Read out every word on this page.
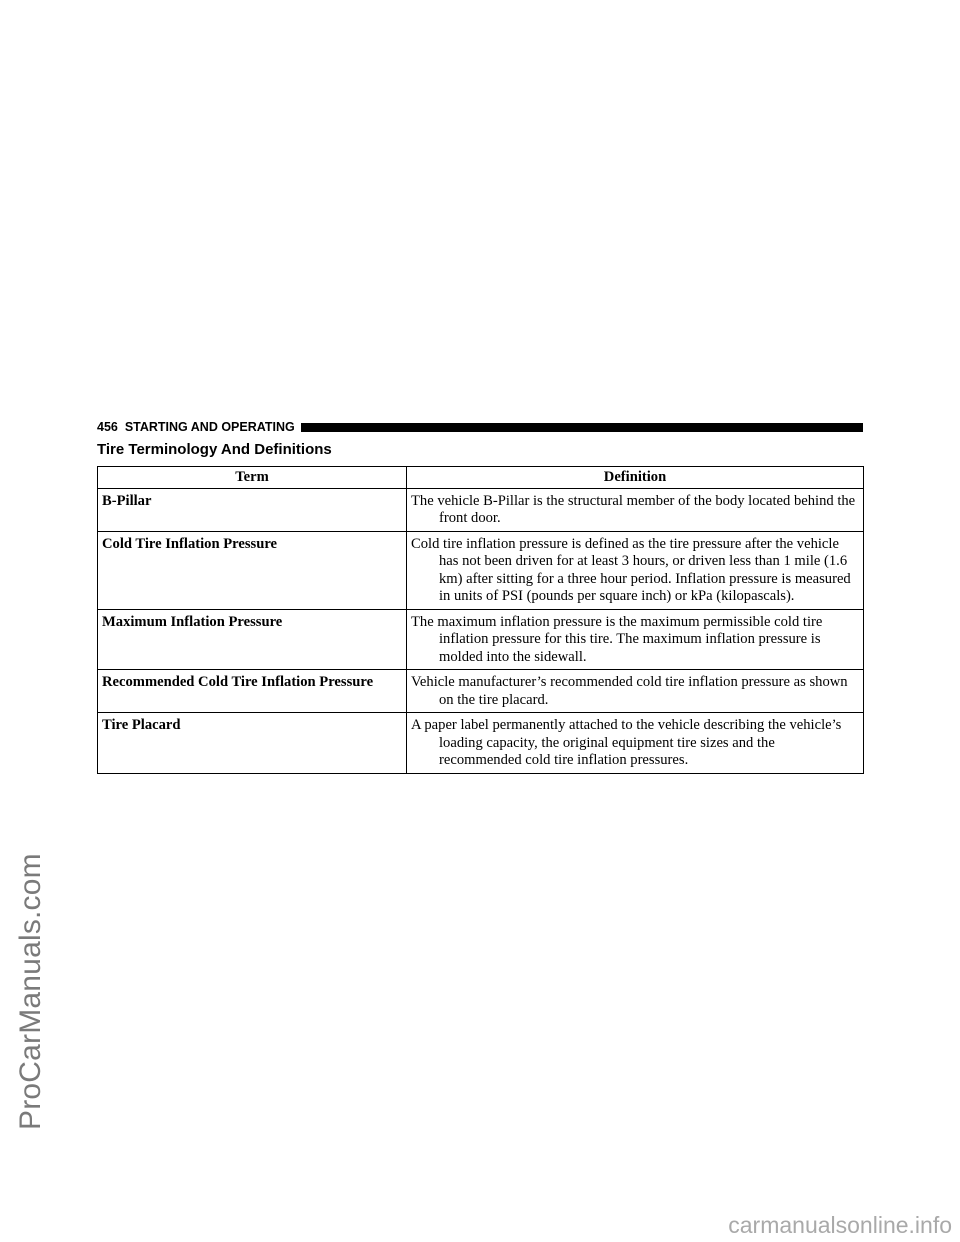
ProCarManuals.com
456 STARTING AND OPERATING
Tire Terminology And Definitions
Term	Definition
B-Pillar	The vehicle B-Pillar is the structural member of the body located behind the front door.

Cold Tire Inflation Pressure	Cold tire inflation pressure is defined as the tire pressure after the vehicle has not been driven for at least 3 hours, or driven less than 1 mile (1.6 km) after sitting for a three hour period. Inflation pressure is measured in units of PSI (pounds per square inch) or kPa (kilopascals).

Maximum Inflation Pressure	The maximum inflation pressure is the maximum permissible cold tire inflation pressure for this tire. The maximum inflation pressure is molded into the sidewall.

Recommended Cold Tire Inflation Pressure	Vehicle manufacturer’s recommended cold tire inflation pressure as shown on the tire placard.

Tire Placard	A paper label permanently attached to the vehicle describing the vehicle’s loading capacity, the original equipment tire sizes and the recommended cold tire inflation pressures.
carmanualsonline.info
